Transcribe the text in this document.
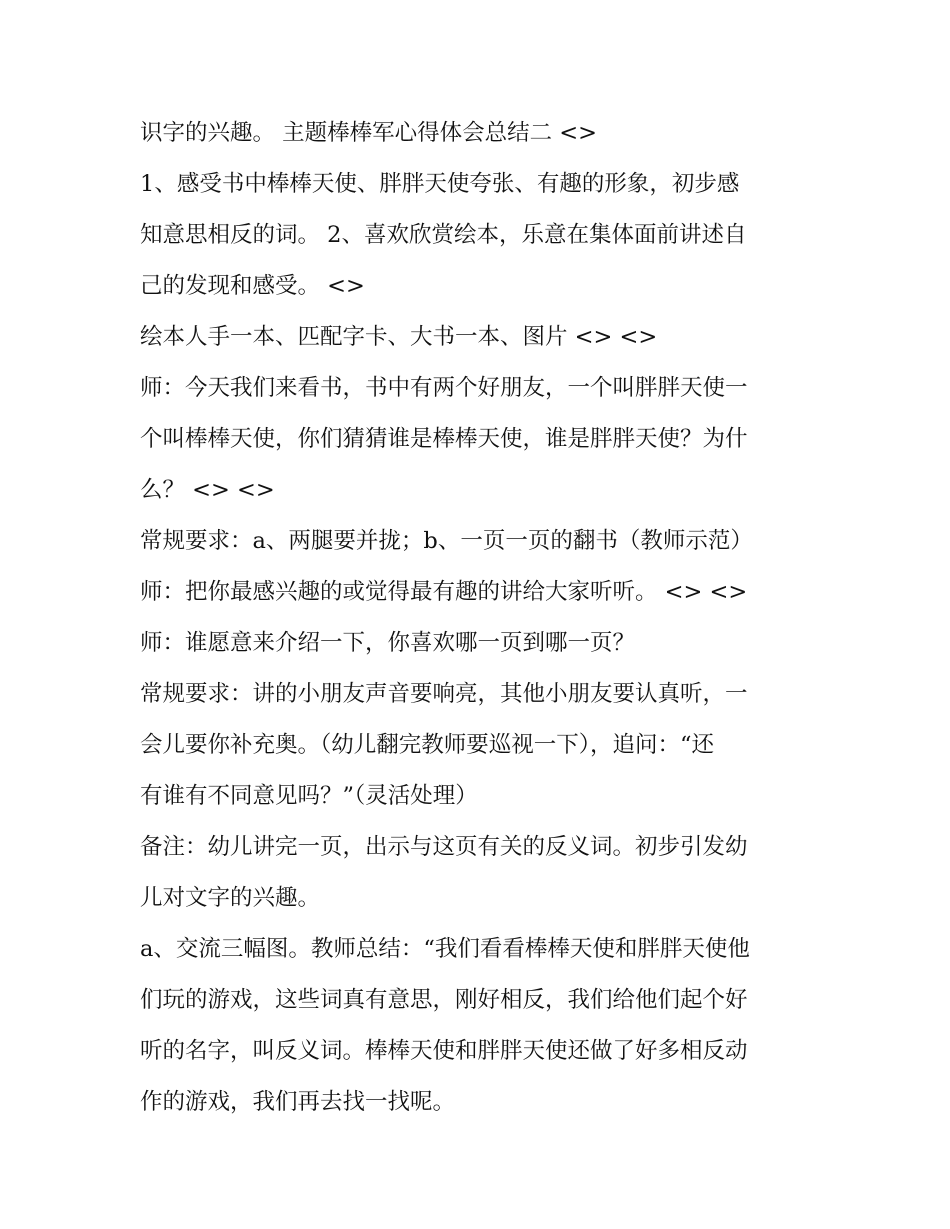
识字的兴趣。 主题棒棒军心得体会总结二 <>
1、感受书中棒棒天使、胖胖天使夸张、有趣的形象，初步感
知意思相反的词。 2、喜欢欣赏绘本，乐意在集体面前讲述自
己的发现和感受。 <>
绘本人手一本、匹配字卡、大书一本、图片 <> <>
师：今天我们来看书，书中有两个好朋友，一个叫胖胖天使一
个叫棒棒天使，你们猜猜谁是棒棒天使，谁是胖胖天使？为什
么？ <> <>
常规要求：a、两腿要并拢；b、一页一页的翻书（教师示范）
师：把你最感兴趣的或觉得最有趣的讲给大家听听。 <> <>
师：谁愿意来介绍一下，你喜欢哪一页到哪一页？
常规要求：讲的小朋友声音要响亮，其他小朋友要认真听，一
会儿要你补充奥。（幼儿翻完教师要巡视一下），追问：“还
有谁有不同意见吗？”（灵活处理）
备注：幼儿讲完一页，出示与这页有关的反义词。初步引发幼
儿对文字的兴趣。
a、交流三幅图。教师总结：“我们看看棒棒天使和胖胖天使他
们玩的游戏，这些词真有意思，刚好相反，我们给他们起个好
听的名字，叫反义词。棒棒天使和胖胖天使还做了好多相反动
作的游戏，我们再去找一找呢。
